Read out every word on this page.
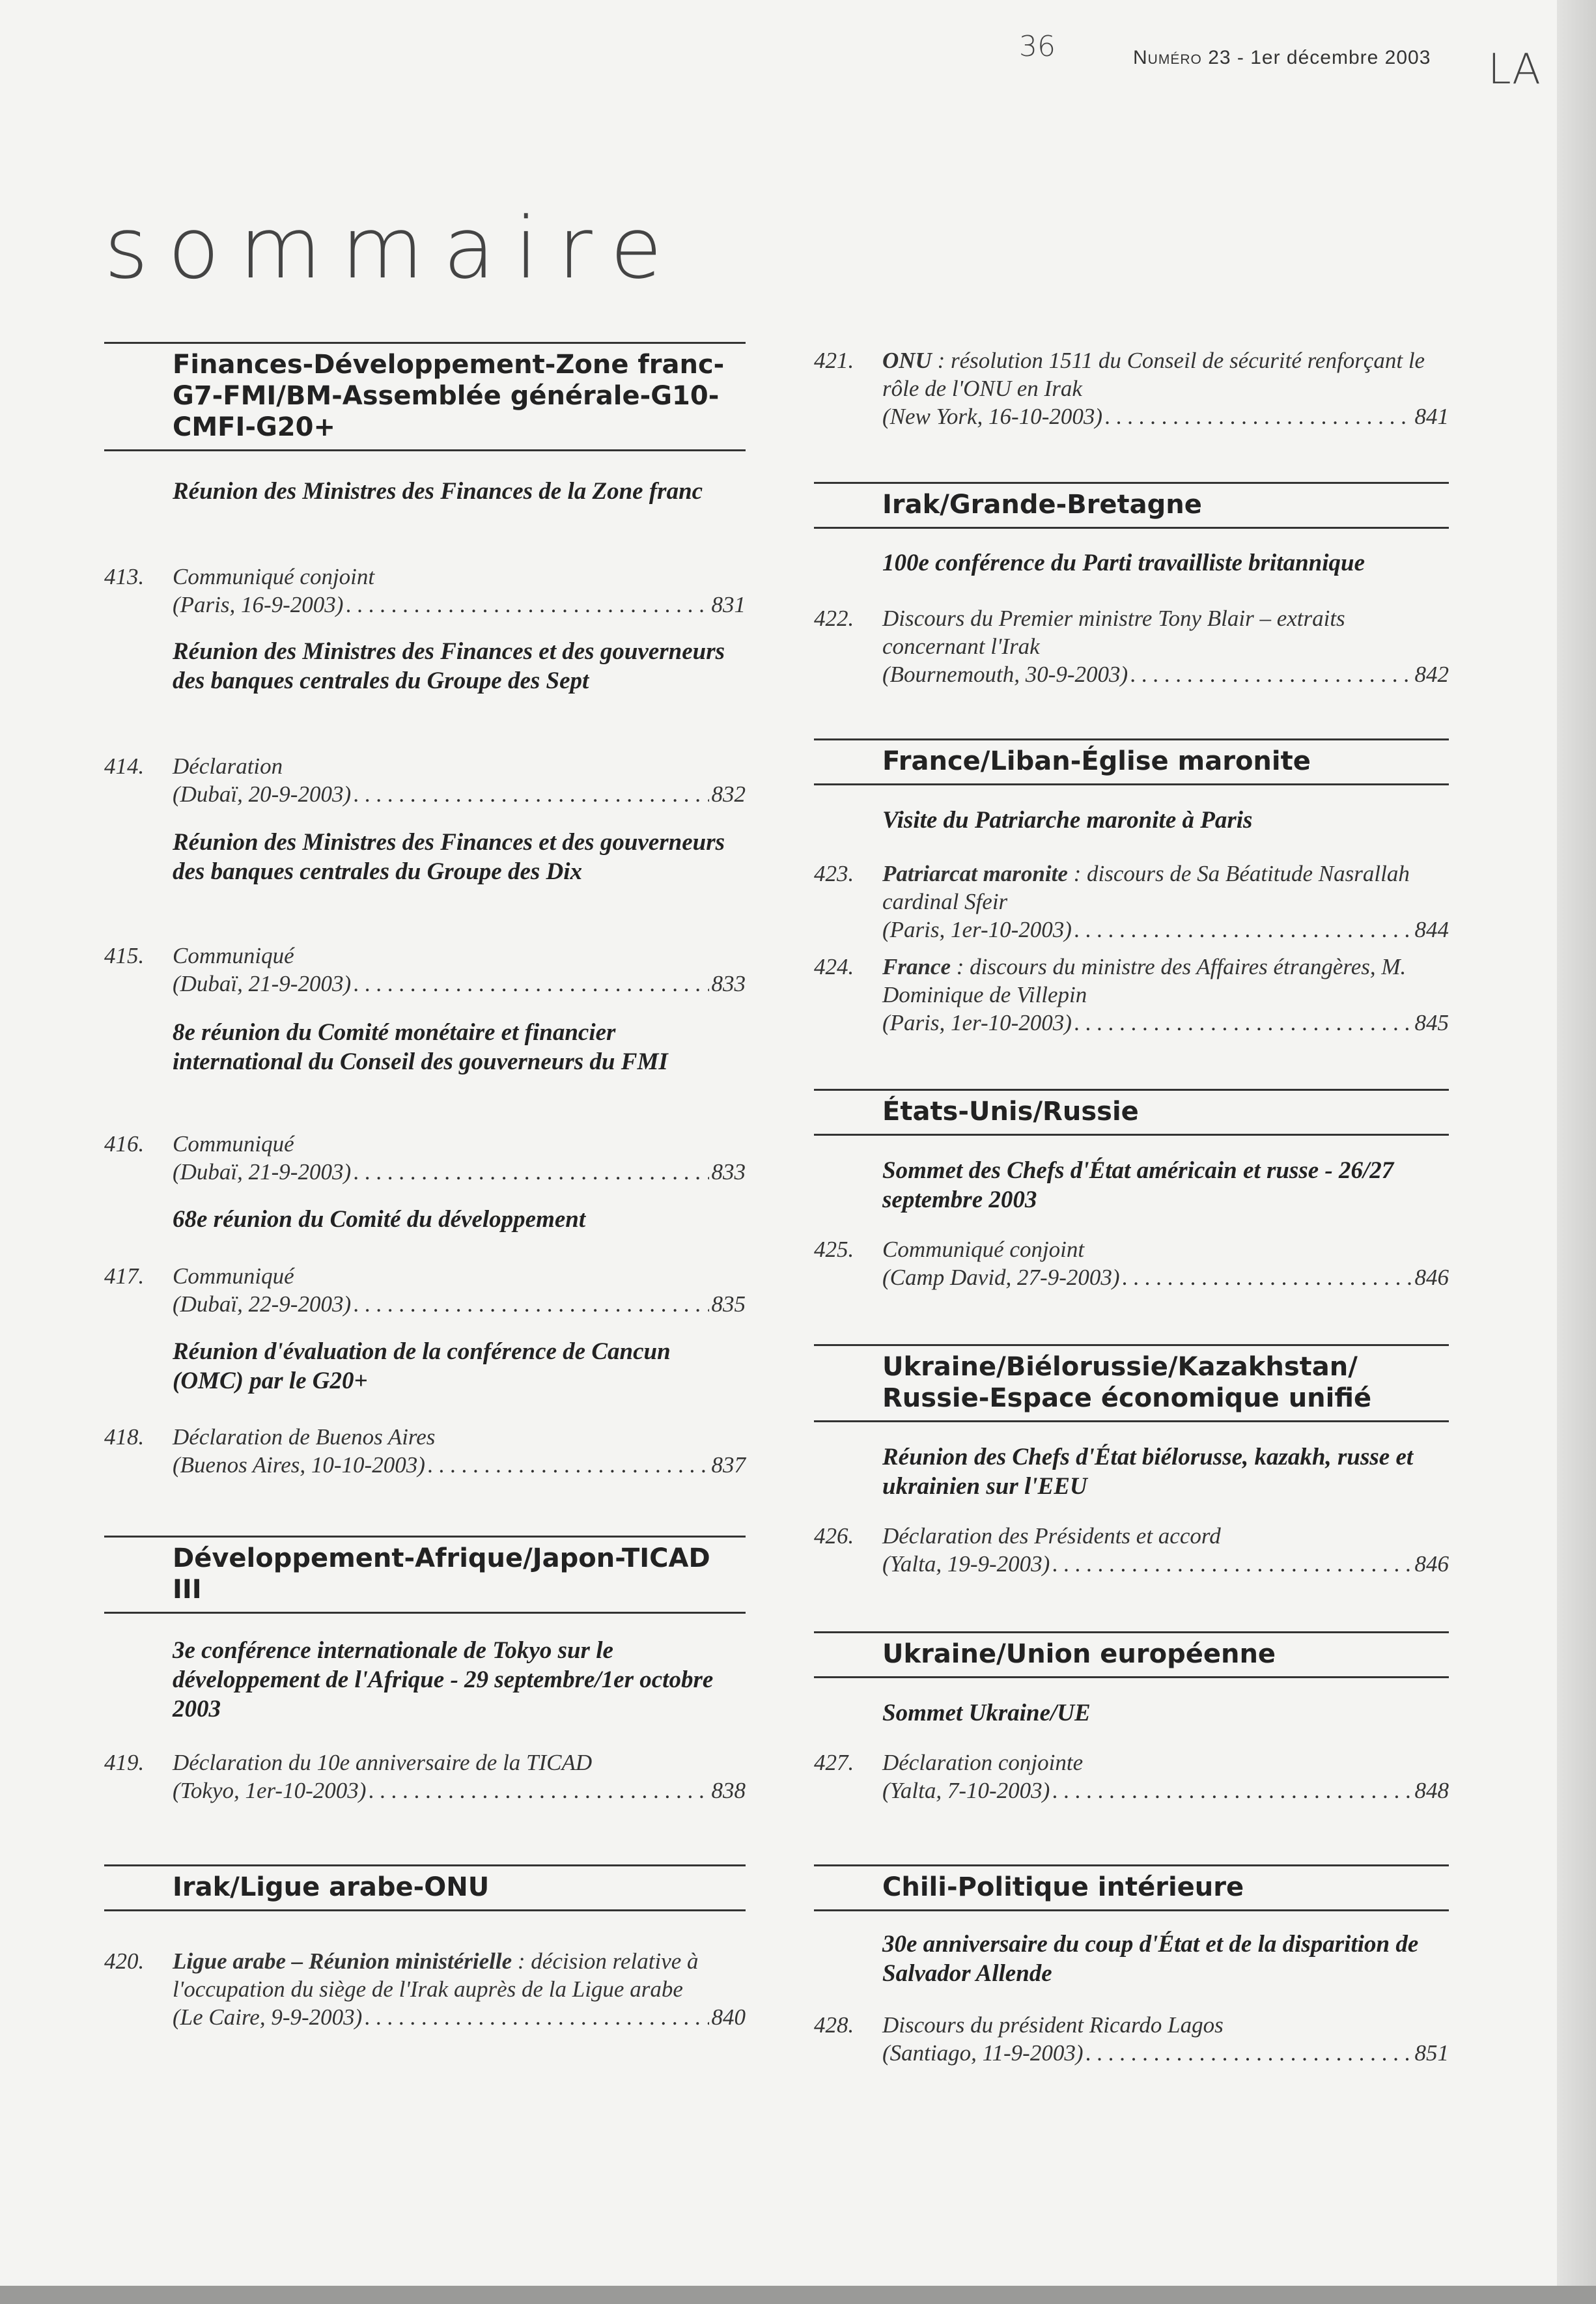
36	Numéro 23 - 1er décembre 2003 LA
sommaire
Finances-Développement-Zone franc-G7-FMI/BM-Assemblée générale-G10-CMFI-G20+
Réunion des Ministres des Finances de la Zone franc
413.	Communiqué conjoint
(Paris, 16-9-2003) . . .	831
Réunion des Ministres des Finances et des gouverneurs des banques centrales du Groupe des Sept
414.	Déclaration
(Dubaï, 20-9-2003) . . .	832
Réunion des Ministres des Finances et des gouverneurs des banques centrales du Groupe des Dix
415.	Communiqué
(Dubaï, 21-9-2003) . . .	833
8e réunion du Comité monétaire et financier international du Conseil des gouverneurs du FMI
416.	Communiqué
(Dubaï, 21-9-2003) . . .	833
68e réunion du Comité du développement
417.	Communiqué
(Dubaï, 22-9-2003) . . .	835
Réunion d'évaluation de la conférence de Cancun (OMC) par le G20+
418.	Déclaration de Buenos Aires
(Buenos Aires, 10-10-2003) . . .	837
Développement-Afrique/Japon-TICAD III
3e conférence internationale de Tokyo sur le développement de l'Afrique - 29 septembre/1er octobre 2003
419.	Déclaration du 10e anniversaire de la TICAD
(Tokyo, 1er-10-2003) . . .	838
Irak/Ligue arabe-ONU
420.	Ligue arabe – Réunion ministérielle : décision relative à l'occupation du siège de l'Irak auprès de la Ligue arabe
(Le Caire, 9-9-2003) . . .	840
421.	ONU : résolution 1511 du Conseil de sécurité renforçant le rôle de l'ONU en Irak
(New York, 16-10-2003) . . .	841
Irak/Grande-Bretagne
100e conférence du Parti travailliste britannique
422.	Discours du Premier ministre Tony Blair – extraits concernant l'Irak
(Bournemouth, 30-9-2003) . . .	842
France/Liban-Église maronite
Visite du Patriarche maronite à Paris
423.	Patriarcat maronite : discours de Sa Béatitude Nasrallah cardinal Sfeir
(Paris, 1er-10-2003) . . .	844
424.	France : discours du ministre des Affaires étrangères, M. Dominique de Villepin
(Paris, 1er-10-2003) . . .	845
États-Unis/Russie
Sommet des Chefs d'État américain et russe - 26/27 septembre 2003
425.	Communiqué conjoint
(Camp David, 27-9-2003) . . .	846
Ukraine/Biélorussie/Kazakhstan/ Russie-Espace économique unifié
Réunion des Chefs d'État biélorusse, kazakh, russe et ukrainien sur l'EEU
426.	Déclaration des Présidents et accord
(Yalta, 19-9-2003) . . .	846
Ukraine/Union européenne
Sommet Ukraine/UE
427.	Déclaration conjointe
(Yalta, 7-10-2003) . . .	848
Chili-Politique intérieure
30e anniversaire du coup d'État et de la disparition de Salvador Allende
428.	Discours du président Ricardo Lagos
(Santiago, 11-9-2003) . . .	851
